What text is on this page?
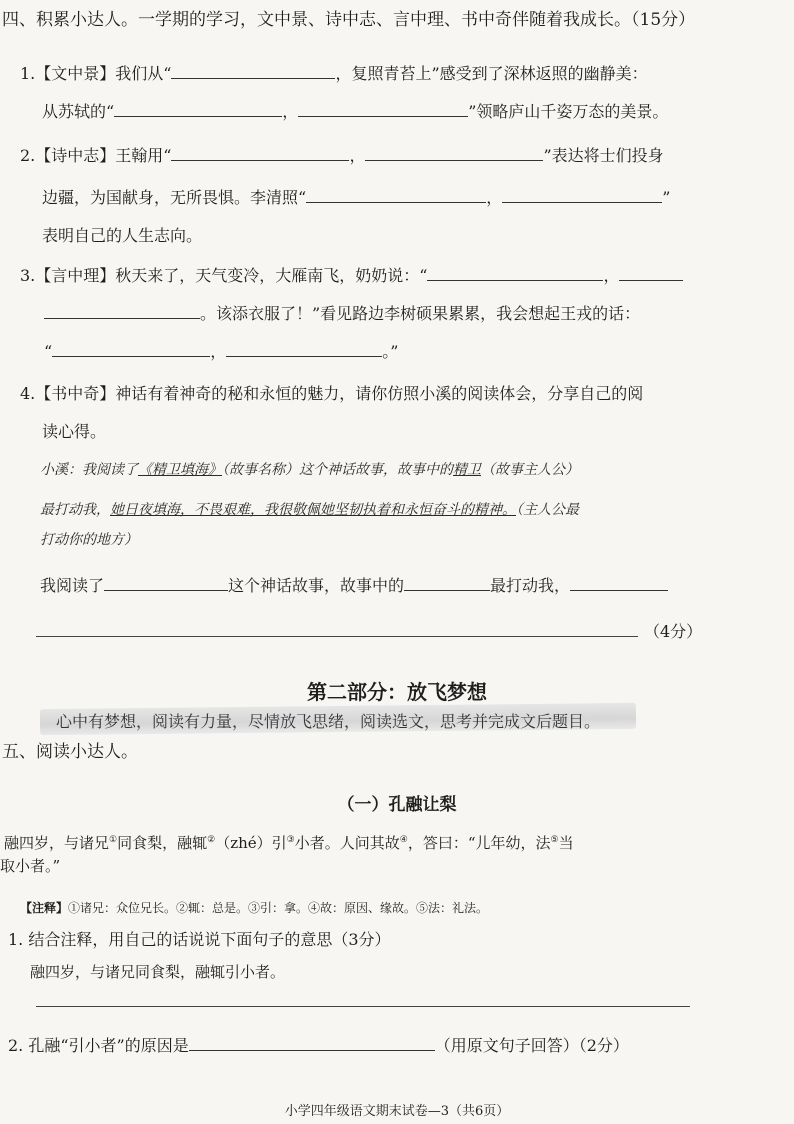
四、积累小达人。一学期的学习，文中景、诗中志、言中理、书中奇伴随着我成长。（15分）
1.【文中景】我们从“	，复照青苔上”感受到了深林返照的幽静美：
从苏轼的“	，	”领略庐山千姿万态的美景。
2.【诗中志】王翰用“	，	”表达将士们投身
边疆，为国献身，无所畏惧。李清照“	，	”
表明自己的人生志向。
3.【言中理】秋天来了，天气变冷，大雁南飞，奶奶说：“	，
。该添衣服了！”看见路边李树硕果累累，我会想起王戎的话：
“	，	。”
4.【书中奇】神话有着神奇的秘和永恒的魅力，请你仿照小溪的阅读体会，分享自己的阅
读心得。
小溪：我阅读了《精卫填海》（故事名称）这个神话故事，故事中的精卫（故事主人公）
最打动我，她日夜填海，不畏艰难，我很敬佩她坚韧执着和永恒奋斗的精神。（主人公最
打动你的地方）
我阅读了	这个神话故事，故事中的	最打动我，
（4分）
第二部分：放飞梦想
心中有梦想，阅读有力量，尽情放飞思绪，阅读选文，思考并完成文后题目。
五、阅读小达人。
（一）孔融让梨
融四岁，与诸兄①同食梨，融辄②（zhé）引③小者。人问其故④，答曰：“儿年幼，法⑤当
取小者。”
【注释】①诸兄：众位兄长。②辄：总是。③引：拿。④故：原因、缘故。⑤法：礼法。
1. 结合注释，用自己的话说说下面句子的意思（3分）
融四岁，与诸兄同食梨，融辄引小者。
2. 孔融“引小者”的原因是	（用原文句子回答）（2分）
小学四年级语文期末试卷—3（共6页）
